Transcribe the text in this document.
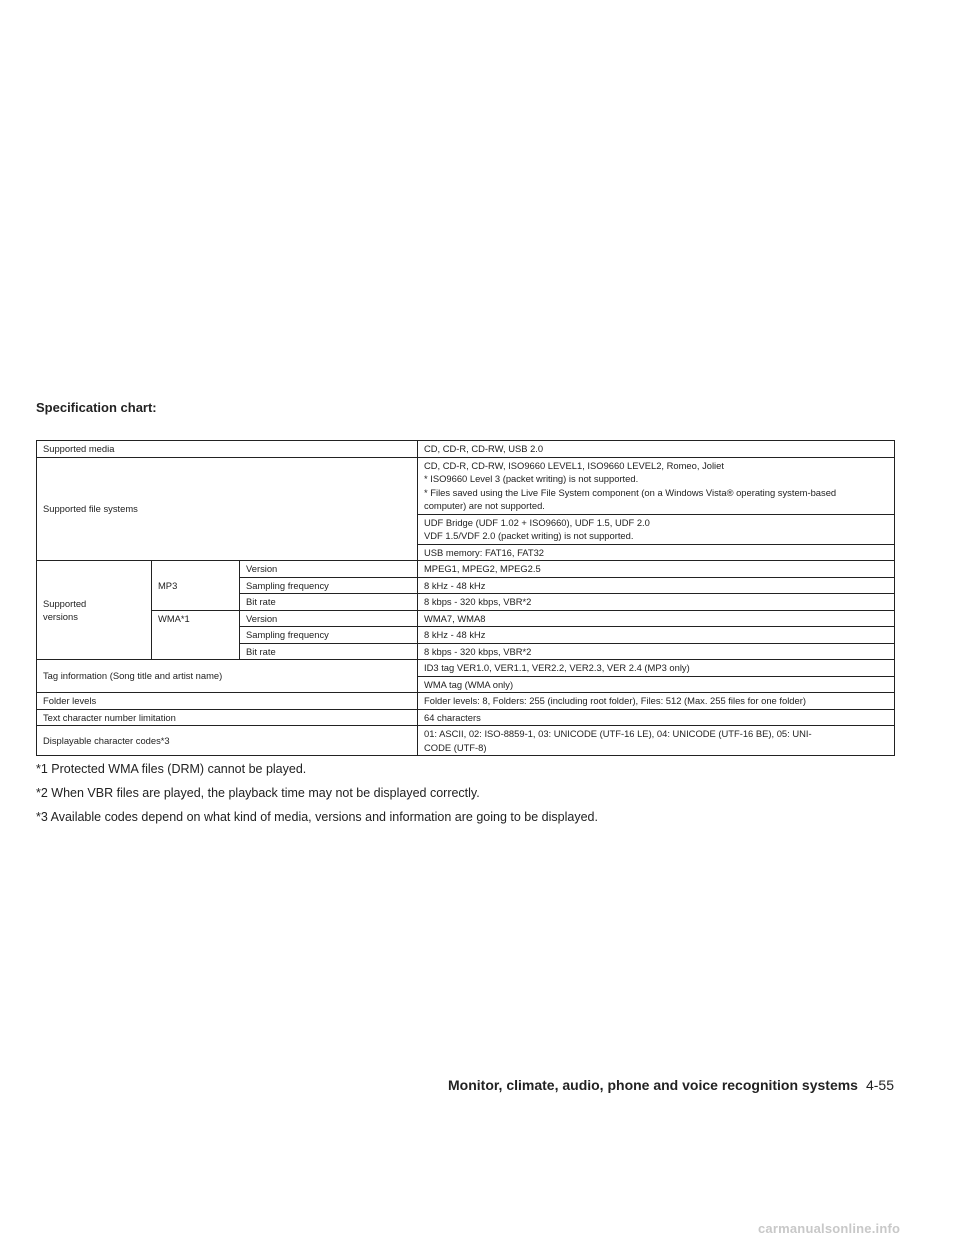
Specification chart:
Supported media			CD, CD-R, CD-RW, USB 2.0
Supported file systems			CD, CD-R, CD-RW, ISO9660 LEVEL1, ISO9660 LEVEL2, Romeo, Joliet
* ISO9660 Level 3 (packet writing) is not supported.
* Files saved using the Live File System component (on a Windows Vista® operating system-based
computer) are not supported.

			UDF Bridge (UDF 1.02 + ISO9660), UDF 1.5, UDF 2.0
VDF 1.5/VDF 2.0 (packet writing) is not supported.

			USB memory: FAT16, FAT32

Supported
versions	MP3	Version	MPEG1, MPEG2, MPEG2.5
		Sampling frequency	8 kHz - 48 kHz
		Bit rate	8 kbps - 320 kbps, VBR*2
	WMA*1	Version	WMA7, WMA8
		Sampling frequency	8 kHz - 48 kHz
		Bit rate	8 kbps - 320 kbps, VBR*2
Tag information (Song title and artist name)			ID3 tag VER1.0, VER1.1, VER2.2, VER2.3, VER 2.4 (MP3 only)
			WMA tag (WMA only)
Folder levels			Folder levels: 8, Folders: 255 (including root folder), Files: 512 (Max. 255 files for one folder)
Text character number limitation			64 characters
Displayable character codes*3			01: ASCII, 02: ISO-8859-1, 03: UNICODE (UTF-16 LE), 04: UNICODE (UTF-16 BE), 05: UNI-
CODE (UTF-8)

*1 Protected WMA files (DRM) cannot be played.

*2 When VBR files are played, the playback time may not be displayed correctly.

*3 Available codes depend on what kind of media, versions and information are going to be displayed.

Monitor, climate, audio, phone and voice recognition systems 4-55
carmanualsonline.info
